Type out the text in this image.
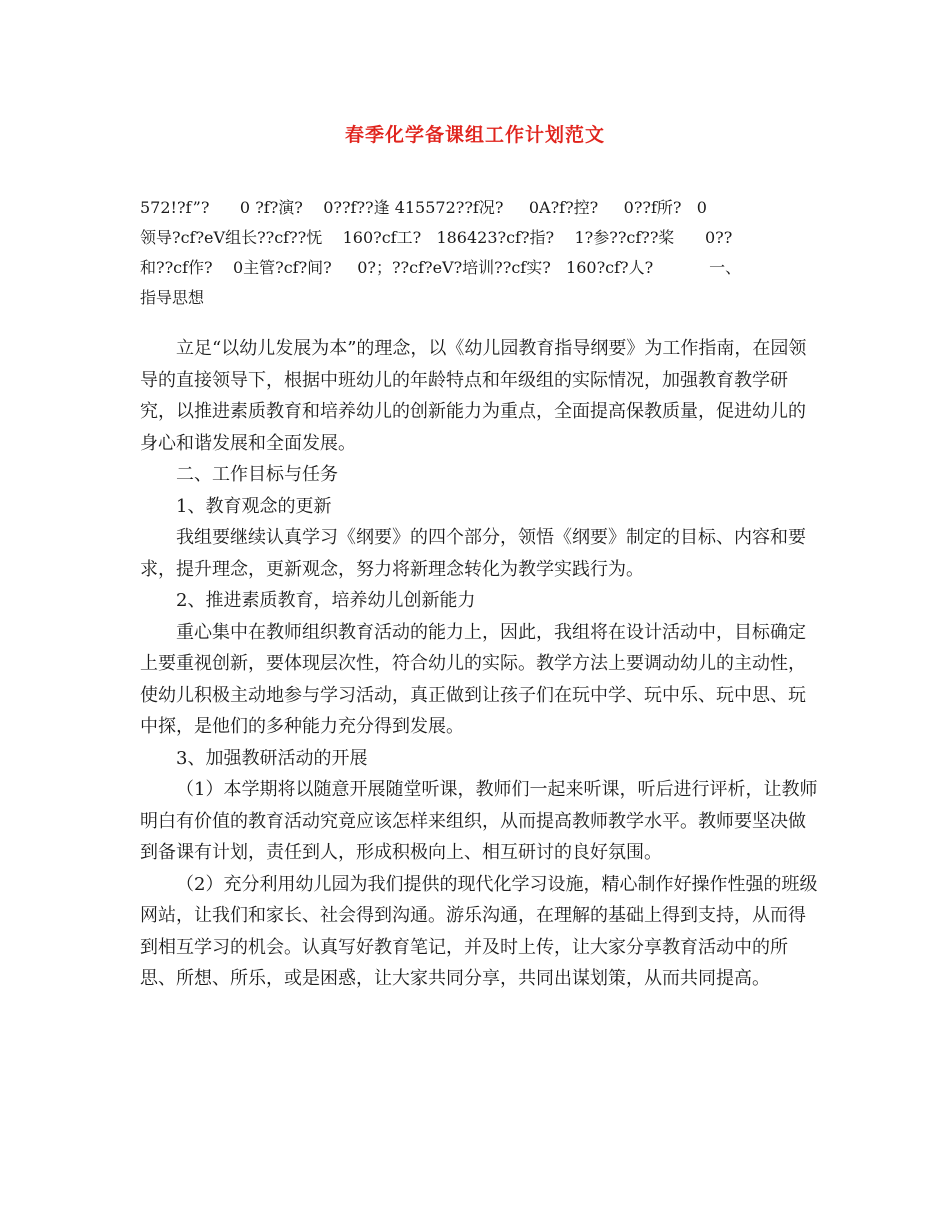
春季化学备课组工作计划范文
572!?f”?      0 ?f?演?    0??f??逢 415572??f况?     0A?f?控?     0??f所?   0
领导?cf?eV组长??cf??怃    160?cf工?   186423?cf?指?    1?参??cf??桨      0??
和??cf作?    0主管?cf?间?     0?；??cf?eV?培训??cf实?   160?cf?人?           一、
指导思想

立足“以幼儿发展为本”的理念，以《幼儿园教育指导纲要》为工作指南，在园领导的直接领导下，根据中班幼儿的年龄特点和年级组的实际情况，加强教育教学研究，以推进素质教育和培养幼儿的创新能力为重点，全面提高保教质量，促进幼儿的身心和谐发展和全面发展。

二、工作目标与任务

1、教育观念的更新

我组要继续认真学习《纲要》的四个部分，领悟《纲要》制定的目标、内容和要求，提升理念，更新观念，努力将新理念转化为教学实践行为。

2、推进素质教育，培养幼儿创新能力

重心集中在教师组织教育活动的能力上，因此，我组将在设计活动中，目标确定上要重视创新，要体现层次性，符合幼儿的实际。教学方法上要调动幼儿的主动性，使幼儿积极主动地参与学习活动，真正做到让孩子们在玩中学、玩中乐、玩中思、玩中探，是他们的多种能力充分得到发展。

3、加强教研活动的开展

（1）本学期将以随意开展随堂听课，教师们一起来听课，听后进行评析，让教师明白有价值的教育活动究竟应该怎样来组织，从而提高教师教学水平。教师要坚决做到备课有计划，责任到人，形成积极向上、相互研讨的良好氛围。

（2）充分利用幼儿园为我们提供的现代化学习设施，精心制作好操作性强的班级网站，让我们和家长、社会得到沟通。游乐沟通，在理解的基础上得到支持，从而得到相互学习的机会。认真写好教育笔记，并及时上传，让大家分享教育活动中的所思、所想、所乐，或是困惑，让大家共同分享，共同出谋划策，从而共同提高。
